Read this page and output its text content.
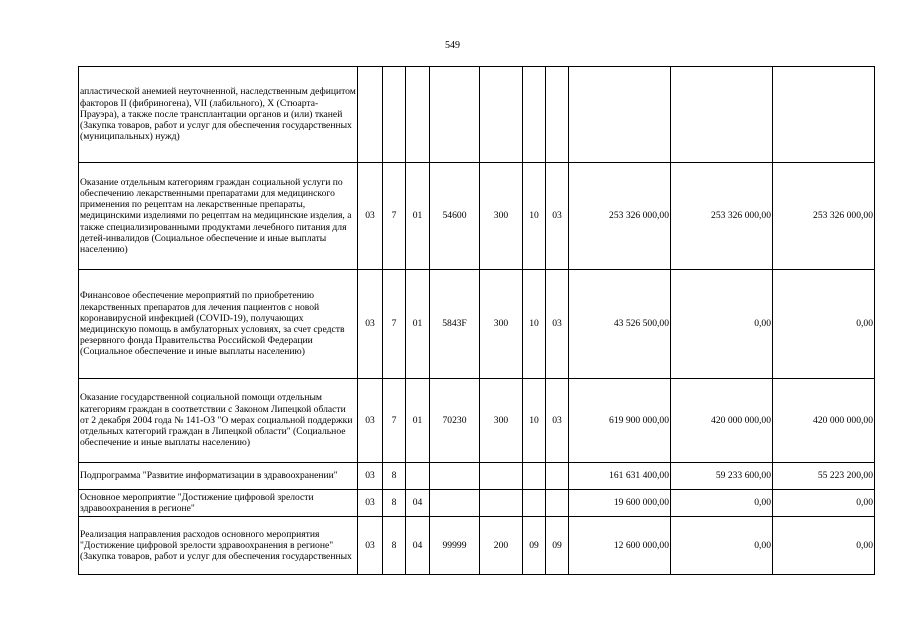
549
апластической анемией неуточненной, наследственным дефицитом факторов II (фибриногена), VII (лабильного), X (Стюарта-Прауэра), а также после трансплантации органов и (или) тканей (Закупка товаров, работ и услуг для обеспечения государственных (муниципальных) нужд)										
Оказание отдельным категориям граждан социальной услуги по обеспечению лекарственными препаратами для медицинского применения по рецептам на лекарственные препараты, медицинскими изделиями по рецептам на медицинские изделия, а также специализированными продуктами лечебного питания для детей-инвалидов (Социальное обеспечение и иные выплаты населению)	03	7	01	54600	300	10	03	253 326 000,00	253 326 000,00	253 326 000,00
Финансовое обеспечение мероприятий по приобретению лекарственных препаратов для лечения пациентов с новой коронавирусной инфекцией (COVID-19), получающих медицинскую помощь в амбулаторных условиях, за счет средств резервного фонда Правительства Российской Федерации (Социальное обеспечение и иные выплаты населению)	03	7	01	5843F	300	10	03	43 526 500,00	0,00	0,00
Оказание государственной социальной помощи отдельным категориям граждан в соответствии с Законом Липецкой области от 2 декабря 2004 года № 141-ОЗ "О мерах социальной поддержки отдельных категорий граждан в Липецкой области" (Социальное обеспечение и иные выплаты населению)	03	7	01	70230	300	10	03	619 900 000,00	420 000 000,00	420 000 000,00
Подпрограмма "Развитие информатизации в здравоохранении"	03	8						161 631 400,00	59 233 600,00	55 223 200,00
Основное мероприятие "Достижение цифровой зрелости здравоохранения в регионе"	03	8	04					19 600 000,00	0,00	0,00
Реализация направления расходов основного мероприятия "Достижение цифровой зрелости здравоохранения в регионе" (Закупка товаров, работ и услуг для обеспечения государственных	03	8	04	99999	200	09	09	12 600 000,00	0,00	0,00
